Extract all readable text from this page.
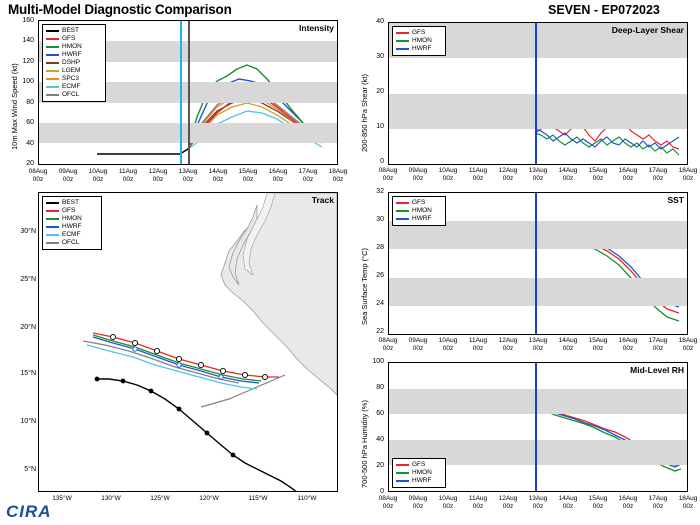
Multi-Model Diagnostic Comparison	SEVEN - EP072023
Intensity
BEST
GFS
HMON
HWRF
DSHP
LGEM
SPC3
ECMF
OFCL
10m Max Wind Speed (kt)
160
140
120
100
80
60
40
20
08Aug
00z
09Aug
00z
10Aug
00z
11Aug
00z
12Aug
00z
13Aug
00z
14Aug
00z
15Aug
00z
16Aug
00z
17Aug
00z
18Aug
00z
Track
BEST
GFS
HMON
HWRF
ECMF
OFCL
30°N
25°N
20°N
15°N
10°N
5°N
135°W	130°W	125°W	120°W	115°W	110°W
Deep-Layer Shear
GFS
HMON
HWRF
200-850 hPa Shear (kt)
40
30
20
10
0
08Aug
00z
09Aug
00z
10Aug
00z
11Aug
00z
12Aug
00z
13Aug
00z
14Aug
00z
15Aug
00z
16Aug
00z
17Aug
00z
18Aug
00z
SST
GFS
HMON
HWRF
Sea Surface Temp (°C)
32
30
28
26
24
22
08Aug
00z
09Aug
00z
10Aug
00z
11Aug
00z
12Aug
00z
13Aug
00z
14Aug
00z
15Aug
00z
16Aug
00z
17Aug
00z
18Aug
00z
Mid-Level RH
GFS
HMON
HWRF
700-500 hPa Humidity (%)
100
80
60
40
20
0
08Aug
00z
09Aug
00z
10Aug
00z
11Aug
00z
12Aug
00z
13Aug
00z
14Aug
00z
15Aug
00z
16Aug
00z
17Aug
00z
18Aug
00z
CIRA
